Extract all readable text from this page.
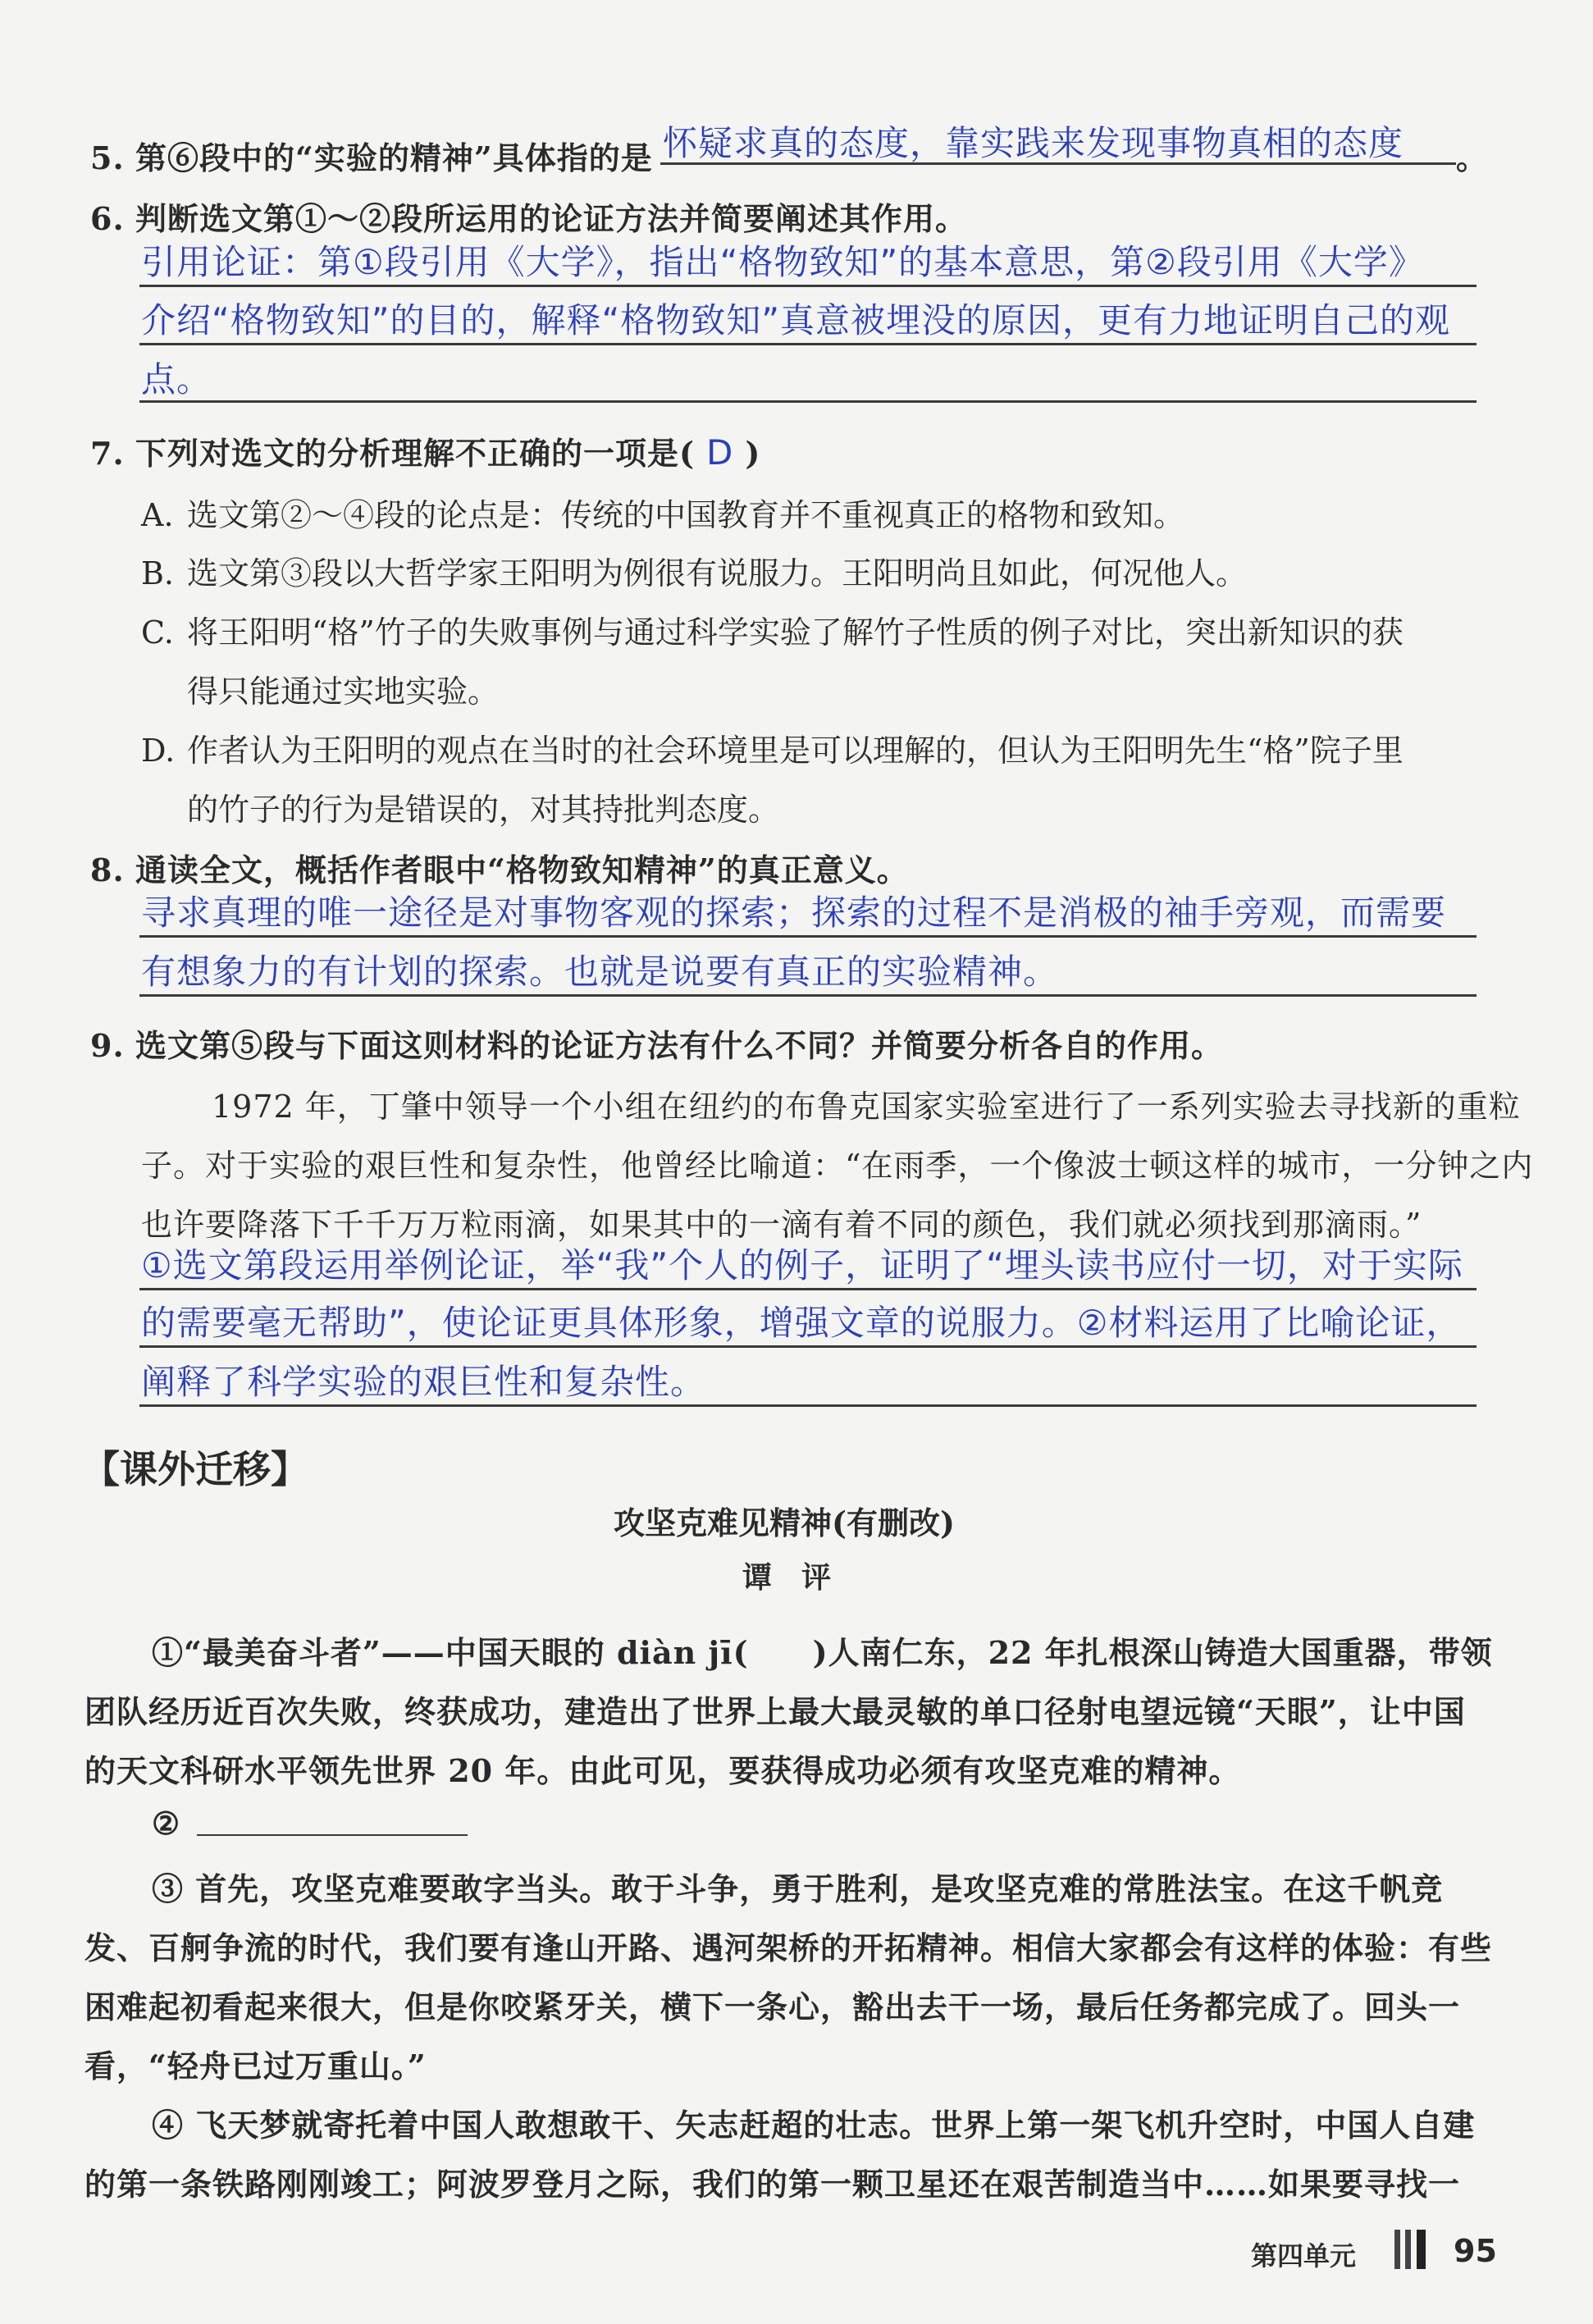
5. 第⑥段中的“实验的精神”具体指的是 怀疑求真的态度，靠实践来发现事物真相的态度 。
6. 判断选文第①～②段所运用的论证方法并简要阐述其作用。
引用论证：第①段引用《大学》，指出“格物致知”的基本意思，第②段引用《大学》
介绍“格物致知”的目的，解释“格物致知”真意被埋没的原因，更有力地证明自己的观
点。
7. 下列对选文的分析理解不正确的一项是( D )
A. 选文第②～④段的论点是：传统的中国教育并不重视真正的格物和致知。
B. 选文第③段以大哲学家王阳明为例很有说服力。王阳明尚且如此，何况他人。
C. 将王阳明“格”竹子的失败事例与通过科学实验了解竹子性质的例子对比，突出新知识的获
得只能通过实地实验。
D. 作者认为王阳明的观点在当时的社会环境里是可以理解的，但认为王阳明先生“格”院子里
的竹子的行为是错误的，对其持批判态度。
8. 通读全文，概括作者眼中“格物致知精神”的真正意义。
寻求真理的唯一途径是对事物客观的探索；探索的过程不是消极的袖手旁观，而需要
有想象力的有计划的探索。也就是说要有真正的实验精神。
9. 选文第⑤段与下面这则材料的论证方法有什么不同？并简要分析各自的作用。
1972 年，丁肇中领导一个小组在纽约的布鲁克国家实验室进行了一系列实验去寻找新的重粒
子。对于实验的艰巨性和复杂性，他曾经比喻道：“在雨季，一个像波士顿这样的城市，一分钟之内
也许要降落下千千万万粒雨滴，如果其中的一滴有着不同的颜色，我们就必须找到那滴雨。”
①选文第段运用举例论证，举“我”个人的例子，证明了“埋头读书应付一切，对于实际
的需要毫无帮助”，使论证更具体形象，增强文章的说服力。②材料运用了比喻论证，
阐释了科学实验的艰巨性和复杂性。
【课外迁移】
攻坚克难见精神(有删改)
谭　评
①“最美奋斗者”——中国天眼的 diàn jī(　　)人南仁东，22 年扎根深山铸造大国重器，带领
团队经历近百次失败，终获成功，建造出了世界上最大最灵敏的单口径射电望远镜“天眼”，让中国
的天文科研水平领先世界 20 年。由此可见，要获得成功必须有攻坚克难的精神。
②
③ 首先，攻坚克难要敢字当头。敢于斗争，勇于胜利，是攻坚克难的常胜法宝。在这千帆竞
发、百舸争流的时代，我们要有逢山开路、遇河架桥的开拓精神。相信大家都会有这样的体验：有些
困难起初看起来很大，但是你咬紧牙关，横下一条心，豁出去干一场，最后任务都完成了。回头一
看，“轻舟已过万重山。”
④ 飞天梦就寄托着中国人敢想敢干、矢志赶超的壮志。世界上第一架飞机升空时，中国人自建
的第一条铁路刚刚竣工；阿波罗登月之际，我们的第一颗卫星还在艰苦制造当中……如果要寻找一
第四单元	95
